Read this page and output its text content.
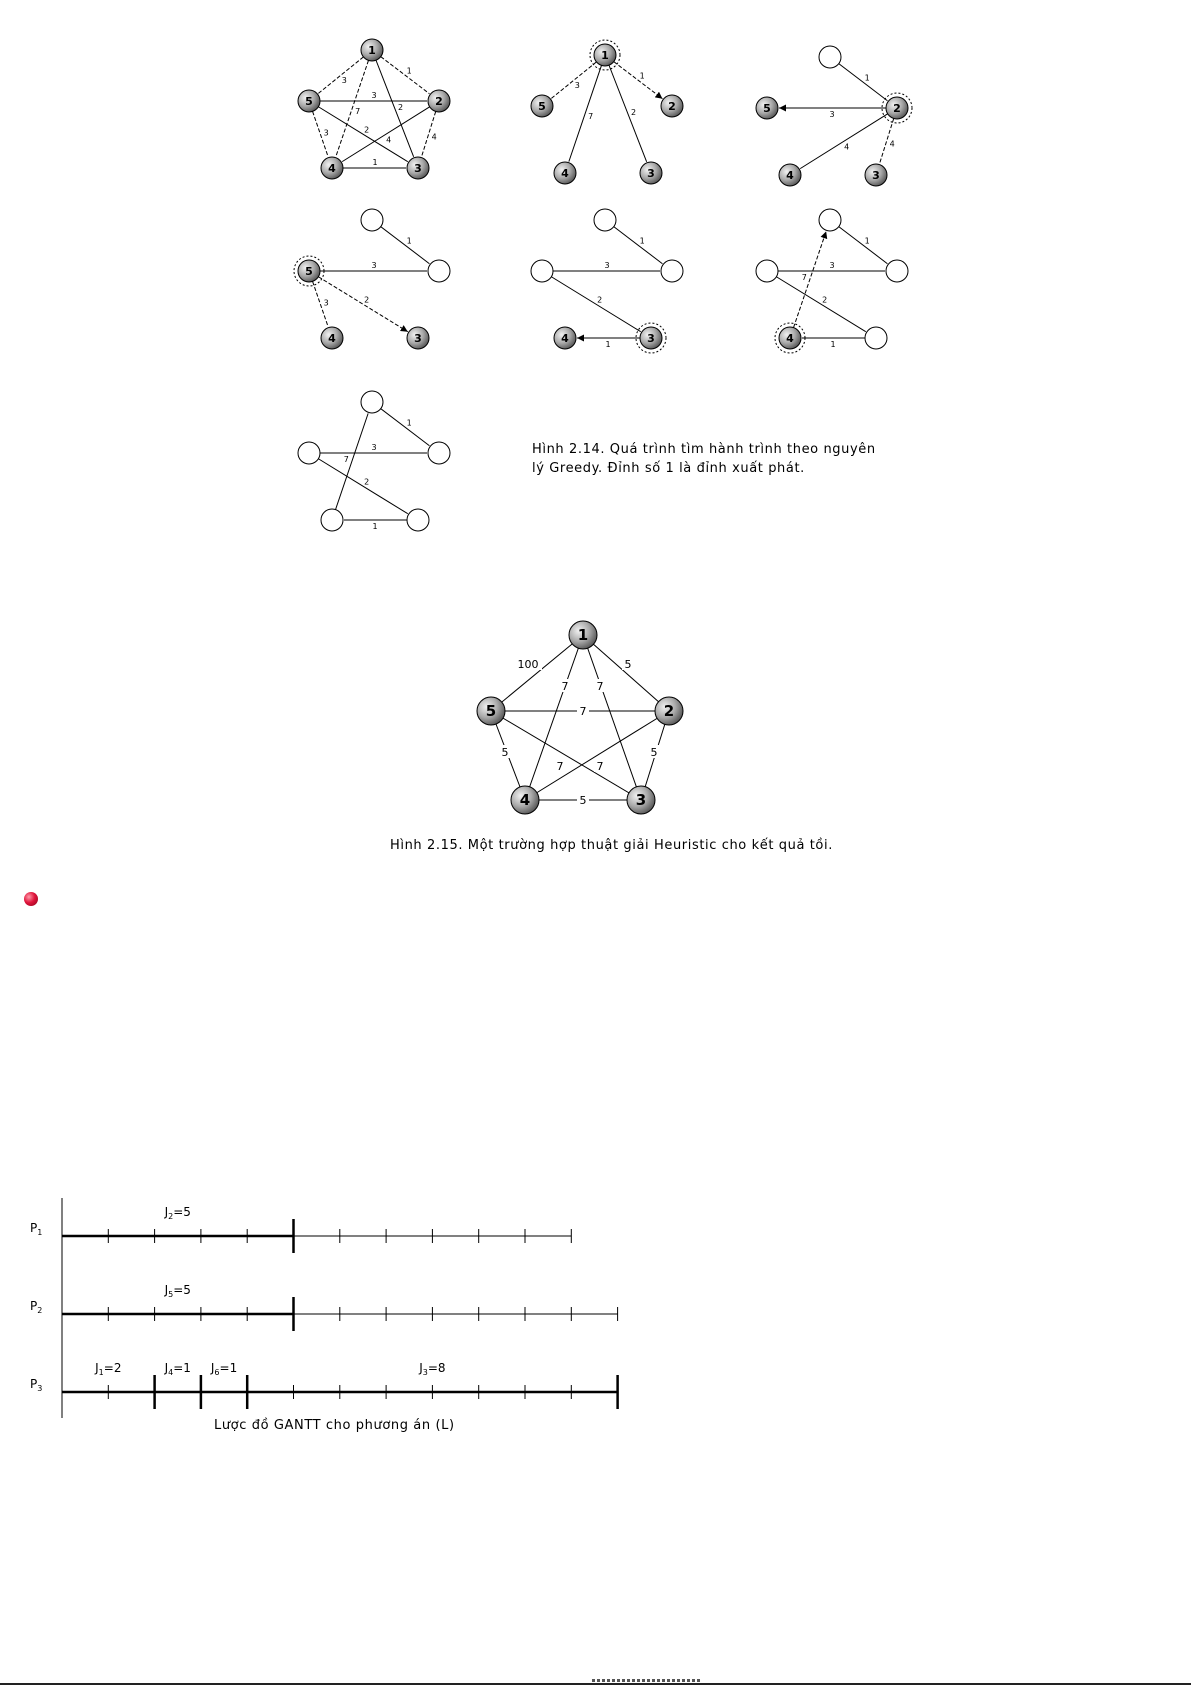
3
1
7	2
3
2
3
4	4
1
1
2
3
4
5
3
1
7	2
1
2
3
4
5
1
3
4	4
2
3
4
5
1
3
3	2
3
4
5
1
3
2
1	3
4
1
3
2
1
7
4
1
3
2
1
7
Hình 2.14. Quá trình tìm hành trình theo nguyên
lý Greedy. Đỉnh số 1 là đỉnh xuất phát.
100	5
7	7
7
5
7
7
5
5
1
2
3
4
5
Hình 2.15. Một trường hợp thuật giải Heuristic cho kết quả tồi.
$P_1$
$J_2=5$
$P_2$
$J_5=5$
$P_3$
$J_1=2$	$J_4=1$ $J_6=1$	$J_3=8$
Lược đồ GANTT cho phương án (L)
